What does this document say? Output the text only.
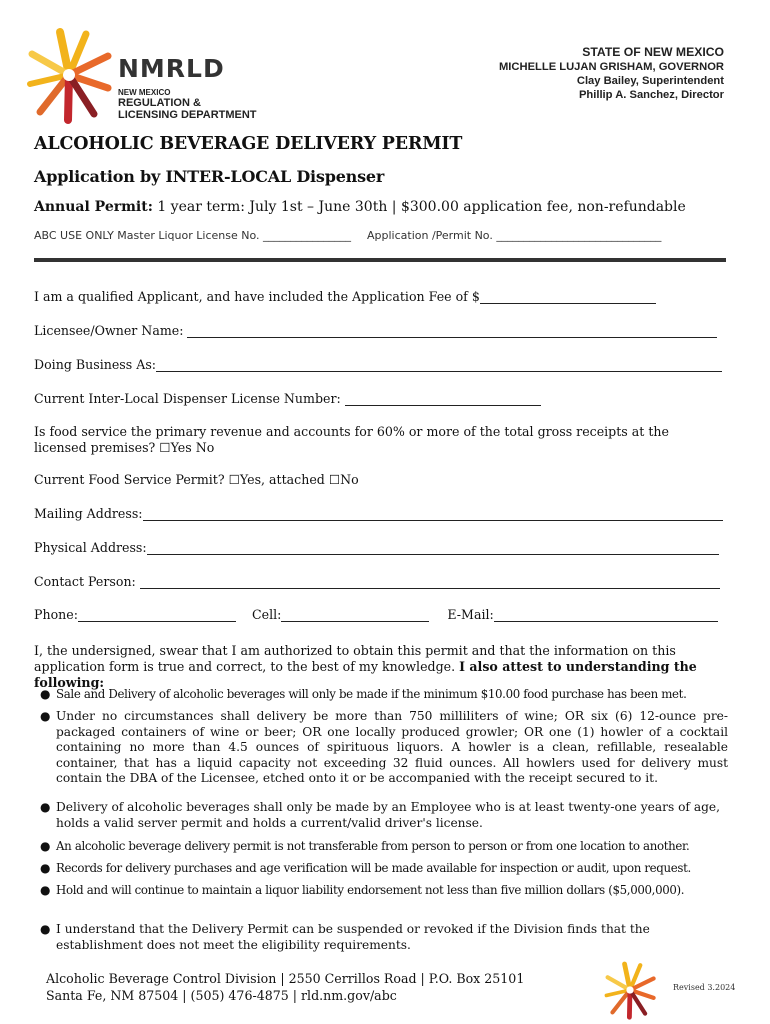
NMRLD
NEW MEXICO
REGULATION &
LICENSING DEPARTMENT
STATE OF NEW MEXICO
MICHELLE LUJAN GRISHAM, GOVERNOR
Clay Bailey, Superintendent
Phillip A. Sanchez, Director
ALCOHOLIC BEVERAGE DELIVERY PERMIT
Application by INTER-LOCAL Dispenser
Annual Permit: 1 year term: July 1st – June 30th | $300.00 application fee, non-refundable
ABC USE ONLY Master Liquor License No. ________________ Application /Permit No. ______________________________
I am a qualified Applicant, and have included the Application Fee of $
Licensee/Owner Name:
Doing Business As:
Current Inter-Local Dispenser License Number:
Is food service the primary revenue and accounts for 60% or more of the total gross receipts at the
licensed premises? ☐Yes No
Current Food Service Permit? ☐Yes, attached ☐No
Mailing Address:
Physical Address:
Contact Person:
Phone:	Cell:	E-Mail:
I, the undersigned, swear that I am authorized to obtain this permit and that the information on this
application form is true and correct, to the best of my knowledge. I also attest to understanding the following:
● Sale and Delivery of alcoholic beverages will only be made if the minimum $10.00 food purchase has been met.
● Under no circumstances shall delivery be more than 750 milliliters of wine; OR six (6) 12-ounce pre-packaged containers of wine or beer; OR one locally produced growler; OR one (1) howler of a cocktail containing no more than 4.5 ounces of spirituous liquors. A howler is a clean, refillable, resealable container, that has a liquid capacity not exceeding 32 fluid ounces. All howlers used for delivery must contain the DBA of the Licensee, etched onto it or be accompanied with the receipt secured to it.
● Delivery of alcoholic beverages shall only be made by an Employee who is at least twenty-one years of age, holds a valid server permit and holds a current/valid driver's license.
● An alcoholic beverage delivery permit is not transferable from person to person or from one location to another.
● Records for delivery purchases and age verification will be made available for inspection or audit, upon request.
● Hold and will continue to maintain a liquor liability endorsement not less than five million dollars ($5,000,000).
● I understand that the Delivery Permit can be suspended or revoked if the Division finds that the establishment does not meet the eligibility requirements.
Alcoholic Beverage Control Division | 2550 Cerrillos Road | P.O. Box 25101
Santa Fe, NM 87504 | (505) 476-4875 | rld.nm.gov/abc
Revised 3.2024
